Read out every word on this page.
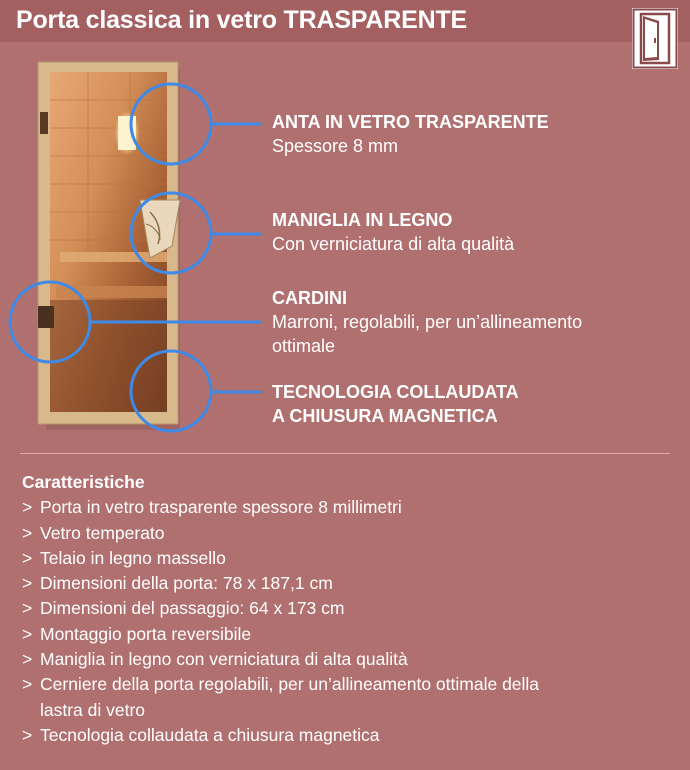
Porta classica in vetro TRASPARENTE
ANTA IN VETRO TRASPARENTE
Spessore 8 mm
MANIGLIA IN LEGNO
Con verniciatura di alta qualità
CARDINI
Marroni, regolabili, per un’allineamento
ottimale
TECNOLOGIA COLLAUDATA
A CHIUSURA MAGNETICA
Caratteristiche
> Porta in vetro trasparente spessore 8 millimetri
> Vetro temperato
> Telaio in legno massello
> Dimensioni della porta: 78 x 187,1 cm
> Dimensioni del passaggio: 64 x 173 cm
> Montaggio porta reversibile
> Maniglia in legno con verniciatura di alta qualità
> Cerniere della porta regolabili, per un’allineamento ottimale della
lastra di vetro
> Tecnologia collaudata a chiusura magnetica
